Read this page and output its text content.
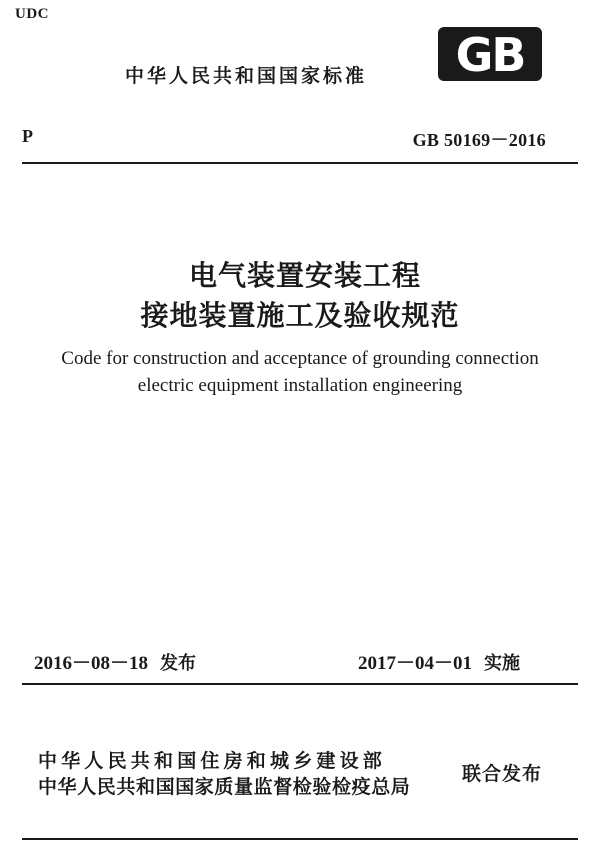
UDC
中华人民共和国国家标准 GB
P	GB 50169－2016
电气装置安装工程
接地装置施工及验收规范
Code for construction and acceptance of grounding connection
electric equipment installation engineering
2016－08－18 发布	2017－04－01 实施
中华人民共和国住房和城乡建设部
中华人民共和国国家质量监督检验检疫总局
联合发布
